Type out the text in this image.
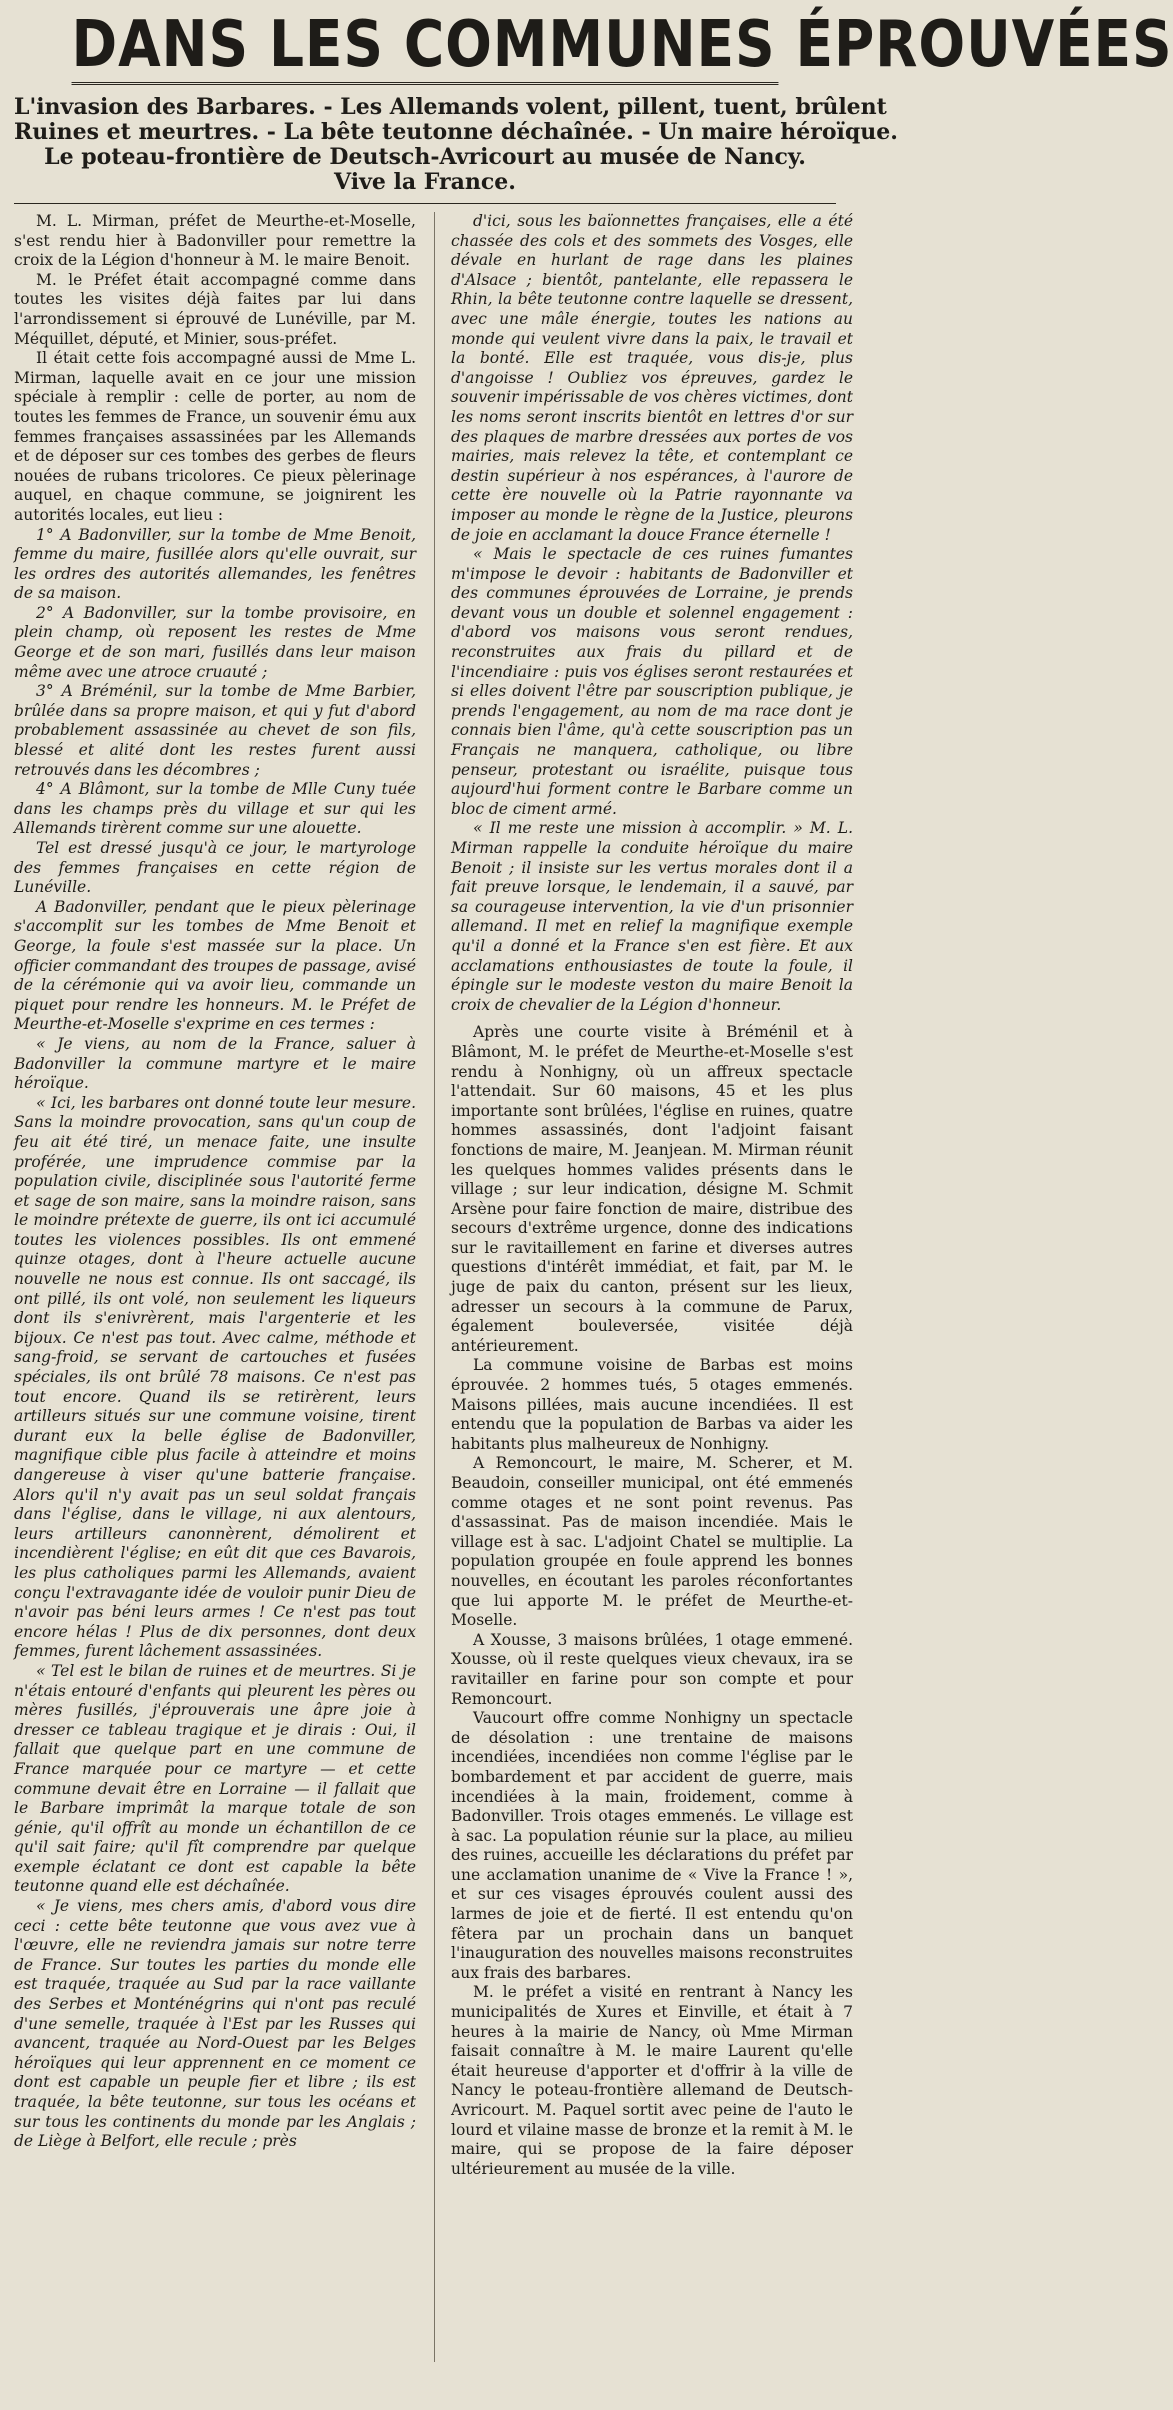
DANS LES COMMUNES ÉPROUVÉES
L'invasion des Barbares. - Les Allemands volent, pillent, tuent, brûlent
Ruines et meurtres. - La bête teutonne déchaînée. - Un maire héroïque.
Le poteau-frontière de Deutsch-Avricourt au musée de Nancy.
Vive la France.

M. L. Mirman, préfet de Meurthe-et-Moselle, s'est rendu hier à Badonviller pour remettre la croix de la Légion d'honneur à M. le maire Benoit.

M. le Préfet était accompagné comme dans toutes les visites déjà faites par lui dans l'arrondissement si éprouvé de Lunéville, par M. Méquillet, député, et Minier, sous-préfet.

Il était cette fois accompagné aussi de Mme L. Mirman, laquelle avait en ce jour une mission spéciale à remplir : celle de porter, au nom de toutes les femmes de France, un souvenir ému aux femmes françaises assassinées par les Allemands et de déposer sur ces tombes des gerbes de fleurs nouées de rubans tricolores. Ce pieux pèlerinage auquel, en chaque commune, se joignirent les autorités locales, eut lieu :

1° A Badonviller, sur la tombe de Mme Benoit, femme du maire, fusillée alors qu'elle ouvrait, sur les ordres des autorités allemandes, les fenêtres de sa maison.

2° A Badonviller, sur la tombe provisoire, en plein champ, où reposent les restes de Mme George et de son mari, fusillés dans leur maison même avec une atroce cruauté ;

3° A Bréménil, sur la tombe de Mme Barbier, brûlée dans sa propre maison, et qui y fut d'abord probablement assassinée au chevet de son fils, blessé et alité dont les restes furent aussi retrouvés dans les décombres ;

4° A Blâmont, sur la tombe de Mlle Cuny tuée dans les champs près du village et sur qui les Allemands tirèrent comme sur une alouette.

Tel est dressé jusqu'à ce jour, le martyrologe des femmes françaises en cette région de Lunéville.

A Badonviller, pendant que le pieux pèlerinage s'accomplit sur les tombes de Mme Benoit et George, la foule s'est massée sur la place. Un officier commandant des troupes de passage, avisé de la cérémonie qui va avoir lieu, commande un piquet pour rendre les honneurs. M. le Préfet de Meurthe-et-Moselle s'exprime en ces termes :

« Je viens, au nom de la France, saluer à Badonviller la commune martyre et le maire héroïque.

« Ici, les barbares ont donné toute leur mesure. Sans la moindre provocation, sans qu'un coup de feu ait été tiré, un menace faite, une insulte proférée, une imprudence commise par la population civile, disciplinée sous l'autorité ferme et sage de son maire, sans la moindre raison, sans le moindre prétexte de guerre, ils ont ici accumulé toutes les violences possibles. Ils ont emmené quinze otages, dont à l'heure actuelle aucune nouvelle ne nous est connue. Ils ont saccagé, ils ont pillé, ils ont volé, non seulement les liqueurs dont ils s'enivrèrent, mais l'argenterie et les bijoux. Ce n'est pas tout. Avec calme, méthode et sang-froid, se servant de cartouches et fusées spéciales, ils ont brûlé 78 maisons. Ce n'est pas tout encore. Quand ils se retirèrent, leurs artilleurs situés sur une commune voisine, tirent durant eux la belle église de Badonviller, magnifique cible plus facile à atteindre et moins dangereuse à viser qu'une batterie française. Alors qu'il n'y avait pas un seul soldat français dans l'église, dans le village, ni aux alentours, leurs artilleurs canonnèrent, démolirent et incendièrent l'église; en eût dit que ces Bavarois, les plus catholiques parmi les Allemands, avaient conçu l'extravagante idée de vouloir punir Dieu de n'avoir pas béni leurs armes ! Ce n'est pas tout encore hélas ! Plus de dix personnes, dont deux femmes, furent lâchement assassinées.

« Tel est le bilan de ruines et de meurtres. Si je n'étais entouré d'enfants qui pleurent les pères ou mères fusillés, j'éprouverais une âpre joie à dresser ce tableau tragique et je dirais : Oui, il fallait que quelque part en une commune de France marquée pour ce martyre — et cette commune devait être en Lorraine — il fallait que le Barbare imprimât la marque totale de son génie, qu'il offrît au monde un échantillon de ce qu'il sait faire; qu'il fît comprendre par quelque exemple éclatant ce dont est capable la bête teutonne quand elle est déchaînée.

« Je viens, mes chers amis, d'abord vous dire ceci : cette bête teutonne que vous avez vue à l'œuvre, elle ne reviendra jamais sur notre terre de France. Sur toutes les parties du monde elle est traquée, traquée au Sud par la race vaillante des Serbes et Monténégrins qui n'ont pas reculé d'une semelle, traquée à l'Est par les Russes qui avancent, traquée au Nord-Ouest par les Belges héroïques qui leur apprennent en ce moment ce dont est capable un peuple fier et libre ; ils est traquée, la bête teutonne, sur tous les océans et sur tous les continents du monde par les Anglais ; de Liège à Belfort, elle recule ; près

d'ici, sous les baïonnettes françaises, elle a été chassée des cols et des sommets des Vosges, elle dévale en hurlant de rage dans les plaines d'Alsace ; bientôt, pantelante, elle repassera le Rhin, la bête teutonne contre laquelle se dressent, avec une mâle énergie, toutes les nations au monde qui veulent vivre dans la paix, le travail et la bonté. Elle est traquée, vous dis-je, plus d'angoisse ! Oubliez vos épreuves, gardez le souvenir impérissable de vos chères victimes, dont les noms seront inscrits bientôt en lettres d'or sur des plaques de marbre dressées aux portes de vos mairies, mais relevez la tête, et contemplant ce destin supérieur à nos espérances, à l'aurore de cette ère nouvelle où la Patrie rayonnante va imposer au monde le règne de la Justice, pleurons de joie en acclamant la douce France éternelle !

« Mais le spectacle de ces ruines fumantes m'impose le devoir : habitants de Badonviller et des communes éprouvées de Lorraine, je prends devant vous un double et solennel engagement : d'abord vos maisons vous seront rendues, reconstruites aux frais du pillard et de l'incendiaire : puis vos églises seront restaurées et si elles doivent l'être par souscription publique, je prends l'engagement, au nom de ma race dont je connais bien l'âme, qu'à cette souscription pas un Français ne manquera, catholique, ou libre penseur, protestant ou israélite, puisque tous aujourd'hui forment contre le Barbare comme un bloc de ciment armé.

« Il me reste une mission à accomplir. » M. L. Mirman rappelle la conduite héroïque du maire Benoit ; il insiste sur les vertus morales dont il a fait preuve lorsque, le lendemain, il a sauvé, par sa courageuse intervention, la vie d'un prisonnier allemand. Il met en relief la magnifique exemple qu'il a donné et la France s'en est fière. Et aux acclamations enthousiastes de toute la foule, il épingle sur le modeste veston du maire Benoit la croix de chevalier de la Légion d'honneur.

Après une courte visite à Bréménil et à Blâmont, M. le préfet de Meurthe-et-Moselle s'est rendu à Nonhigny, où un affreux spectacle l'attendait. Sur 60 maisons, 45 et les plus importante sont brûlées, l'église en ruines, quatre hommes assassinés, dont l'adjoint faisant fonctions de maire, M. Jeanjean. M. Mirman réunit les quelques hommes valides présents dans le village ; sur leur indication, désigne M. Schmit Arsène pour faire fonction de maire, distribue des secours d'extrême urgence, donne des indications sur le ravitaillement en farine et diverses autres questions d'intérêt immédiat, et fait, par M. le juge de paix du canton, présent sur les lieux, adresser un secours à la commune de Parux, également bouleversée, visitée déjà antérieurement.

La commune voisine de Barbas est moins éprouvée. 2 hommes tués, 5 otages emmenés. Maisons pillées, mais aucune incendiées. Il est entendu que la population de Barbas va aider les habitants plus malheureux de Nonhigny.

A Remoncourt, le maire, M. Scherer, et M. Beaudoin, conseiller municipal, ont été emmenés comme otages et ne sont point revenus. Pas d'assassinat. Pas de maison incendiée. Mais le village est à sac. L'adjoint Chatel se multiplie. La population groupée en foule apprend les bonnes nouvelles, en écoutant les paroles réconfortantes que lui apporte M. le préfet de Meurthe-et-Moselle.

A Xousse, 3 maisons brûlées, 1 otage emmené. Xousse, où il reste quelques vieux chevaux, ira se ravitailler en farine pour son compte et pour Remoncourt.

Vaucourt offre comme Nonhigny un spectacle de désolation : une trentaine de maisons incendiées, incendiées non comme l'église par le bombardement et par accident de guerre, mais incendiées à la main, froidement, comme à Badonviller. Trois otages emmenés. Le village est à sac. La population réunie sur la place, au milieu des ruines, accueille les déclarations du préfet par une acclamation unanime de « Vive la France ! », et sur ces visages éprouvés coulent aussi des larmes de joie et de fierté. Il est entendu qu'on fêtera par un prochain dans un banquet l'inauguration des nouvelles maisons reconstruites aux frais des barbares.

M. le préfet a visité en rentrant à Nancy les municipalités de Xures et Einville, et était à 7 heures à la mairie de Nancy, où Mme Mirman faisait connaître à M. le maire Laurent qu'elle était heureuse d'apporter et d'offrir à la ville de Nancy le poteau-frontière allemand de Deutsch-Avricourt. M. Paquel sortit avec peine de l'auto le lourd et vilaine masse de bronze et la remit à M. le maire, qui se propose de la faire déposer ultérieurement au musée de la ville.
